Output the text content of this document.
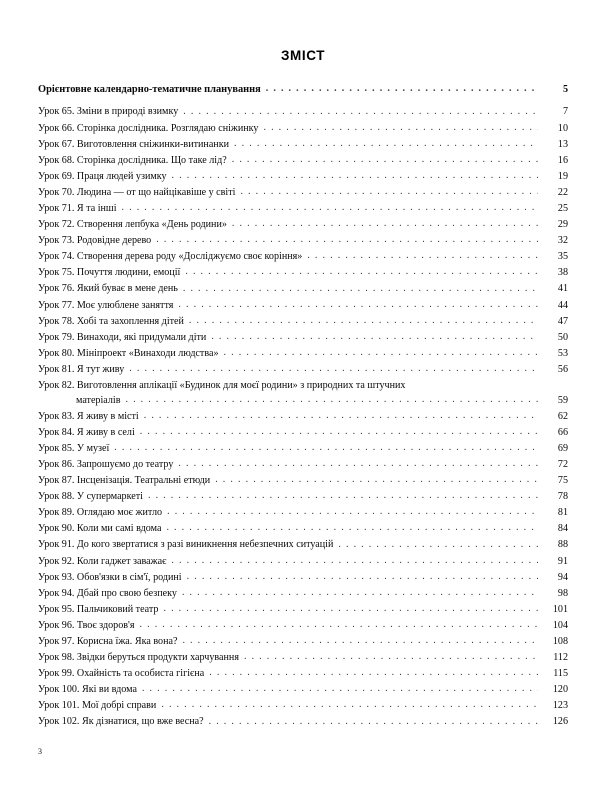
ЗМІСТ
Орієнтовне календарно-тематичне планування . . .	5
Урок 65. Зміни в природі взимку . . .	7
Урок 66. Сторінка дослідника. Розглядаю сніжинку . . .	10
Урок 67. Виготовлення сніжинки-витинанки . . .	13
Урок 68. Сторінка дослідника. Що таке лід? . . .	16
Урок 69. Праця людей узимку . . .	19
Урок 70. Людина — от що найцікавіше у світі . . .	22
Урок 71. Я та інші . . .	25
Урок 72. Створення лепбука «День родини» . . .	29
Урок 73. Родовідне дерево . . .	32
Урок 74. Створення дерева роду «Досліджуємо своє коріння» . . .	35
Урок 75. Почуття людини, емоції . . .	38
Урок 76. Який буває в мене день . . .	41
Урок 77. Моє улюблене заняття . . .	44
Урок 78. Хобі та захоплення дітей . . .	47
Урок 79. Винаходи, які придумали діти . . .	50
Урок 80. Мініпроект «Винаходи людства» . . .	53
Урок 81. Я тут живу . . .	56
Урок 82. Виготовлення аплікації «Будинок для моєї родини» з природних та штучних
матеріалів . . .	59
Урок 83. Я живу в місті . . .	62
Урок 84. Я живу в селі . . .	66
Урок 85. У музеї . . .	69
Урок 86. Запрошуємо до театру . . .	72
Урок 87. Інсценізація. Театральні етюди . . .	75
Урок 88. У супермаркеті . . .	78
Урок 89. Оглядаю моє житло . . .	81
Урок 90. Коли ми самі вдома . . .	84
Урок 91. До кого звертатися з разі виникнення небезпечних ситуацій . . .	88
Урок 92. Коли гаджет заважає . . .	91
Урок 93. Обов'язки в сім'ї, родині . . .	94
Урок 94. Дбай про свою безпеку . . .	98
Урок 95. Пальчиковий театр . . .	101
Урок 96. Твоє здоров'я . . .	104
Урок 97. Корисна їжа. Яка вона? . . .	108
Урок 98. Звідки беруться продукти харчування . . .	112
Урок 99. Охайність та особиста гігієна . . .	115
Урок 100. Які ви вдома . . .	120
Урок 101. Мої добрі справи . . .	123
Урок 102. Як дізнатися, що вже весна? . . .	126
3
